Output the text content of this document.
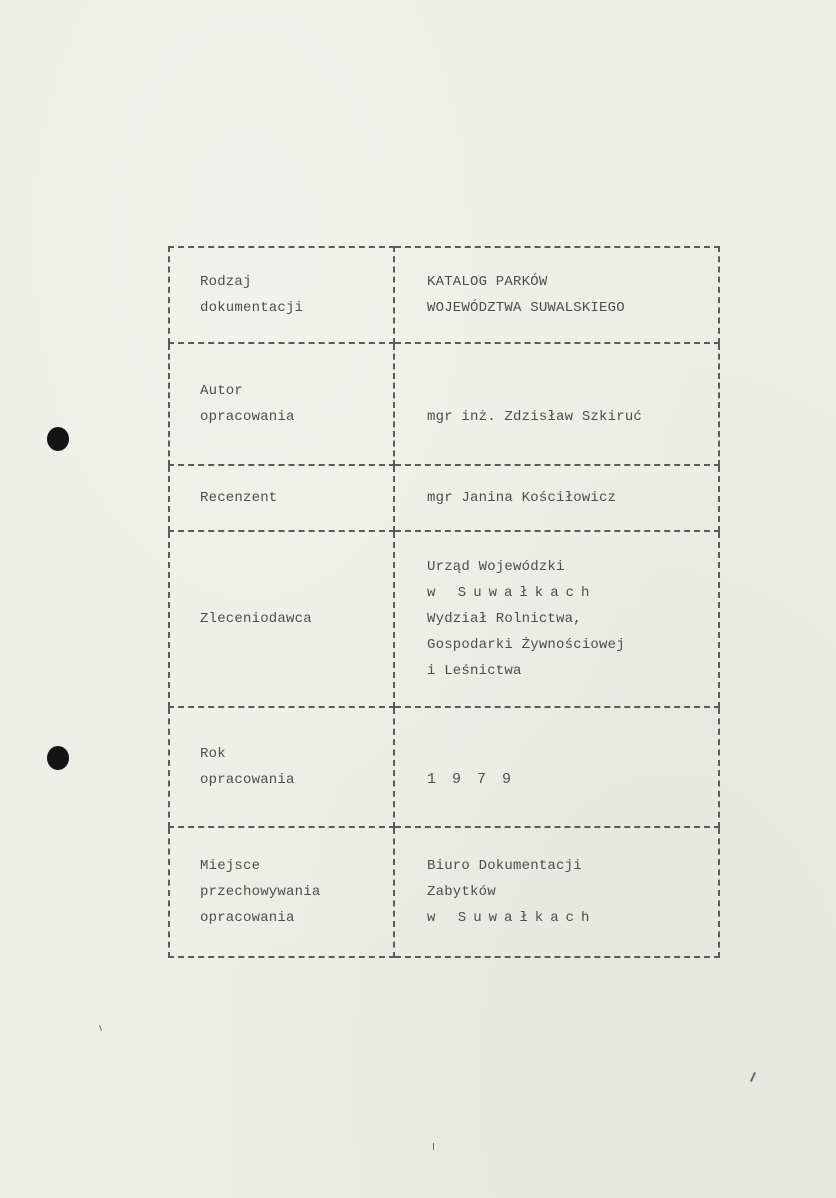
Rodzaj
dokumentacji	KATALOG PARKÓW
WOJEWÓDZTWA SUWALSKIEGO

Autor
opracowania	mgr inż. Zdzisław Szkiruć

Recenzent	mgr Janina Kościłowicz

Zleceniodawca	Urząd Wojewódzki
w Suwałkach
Wydział Rolnictwa,
Gospodarki Żywnościowej
i Leśnictwa

Rok
opracowania	1979

Miejsce
przechowywania
opracowania	Biuro Dokumentacji
Zabytków
w Suwałkach
